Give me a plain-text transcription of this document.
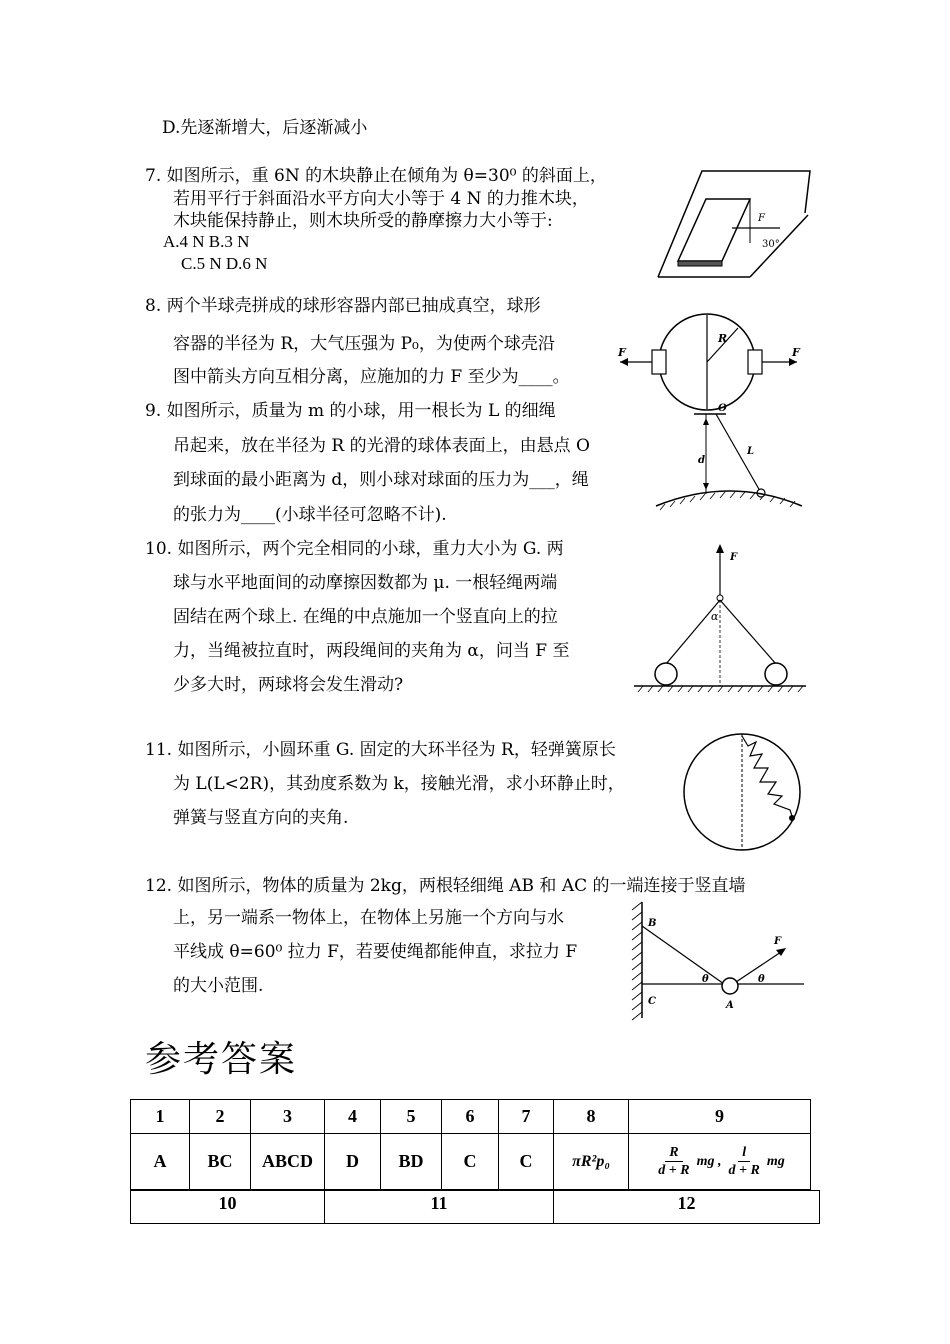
D.先逐渐增大，后逐渐减小
7. 如图所示，重 6N 的木块静止在倾角为 θ=30⁰ 的斜面上，
若用平行于斜面沿水平方向大小等于 4 N 的力推木块，
木块能保持静止，则木块所受的静摩擦力大小等于:
A.4 N B.3 N
C.5 N D.6 N
F
30°
8. 两个半球壳拼成的球形容器内部已抽成真空，球形
容器的半径为 R，大气压强为 P₀，为使两个球壳沿
图中箭头方向互相分离，应施加的力 F 至少为____。
F
R
F
9. 如图所示，质量为 m 的小球，用一根长为 L 的细绳
吊起来，放在半径为 R 的光滑的球体表面上，由悬点 O
到球面的最小距离为 d，则小球对球面的压力为___，绳
的张力为____(小球半径可忽略不计).
O
d
L
10. 如图所示，两个完全相同的小球，重力大小为 G. 两
球与水平地面间的动摩擦因数都为 μ. 一根轻绳两端
固结在两个球上. 在绳的中点施加一个竖直向上的拉
力，当绳被拉直时，两段绳间的夹角为 α，问当 F 至
少多大时，两球将会发生滑动?
F
α
11. 如图所示，小圆环重 G. 固定的大环半径为 R，轻弹簧原长
为 L(L<2R)，其劲度系数为 k，接触光滑，求小环静止时，
弹簧与竖直方向的夹角.
12. 如图所示，物体的质量为 2kg，两根轻细绳 AB 和 AC 的一端连接于竖直墙
上，另一端系一物体上，在物体上另施一个方向与水
平线成 θ=60⁰ 拉力 F，若要使绳都能伸直，求拉力 F
的大小范围.
B
F
θ	θ
C	A
参考答案
1	2	3	4	5	6	7	8	9
A	BC	ABCD	D	BD	C	C	πR²p₀	$\frac{R}{d + R}$ mg , $\frac{l}{d + R}$ mg
10	11	12
